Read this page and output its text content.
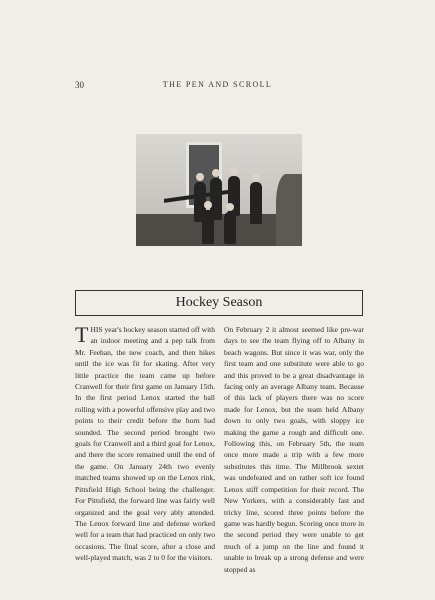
30	THE PEN AND SCROLL
Hockey Season
THIS year's hockey season started off with an indoor meeting and a pep talk from Mr. Feehan, the new coach, and then hikes until the ice was fit for skating. After very little practice the team came up before Cranwell for their first game on January 15th. In the first period Lenox started the ball rolling with a powerful offensive play and two points to their credit before the horn had sounded. The second period brought two goals for Cranwell and a third goal for Lenox, and there the score remained until the end of the game. On January 24th two evenly matched teams showed up on the Lenox rink, Pittsfield High School being the challenger. For Pittsfield, the forward line was fairly well organized and the goal very ably attended. The Lenox forward line and defense worked well for a team that had practiced on only two occasions. The final score, after a close and well-played match, was 2 to 0 for the visitors.
On February 2 it almost seemed like pre-war days to see the team flying off to Albany in beach wagons. But since it was war, only the first team and one substitute were able to go and this proved to be a great disadvantage in facing only an average Albany team. Because of this lack of players there was no score made for Lenox, but the team held Albany down to only two goals, with sloppy ice making the game a rough and difficult one. Following this, on February 5th, the team once more made a trip with a few more substitutes this time. The Millbrook sextet was undefeated and on rather soft ice found Lenox stiff competition for their record. The New Yorkers, with a considerably fast and tricky line, scored three points before the game was hardly begun. Scoring once more in the second period they were unable to get much of a jump on the line and found it unable to break up a strong defense and were stopped as
